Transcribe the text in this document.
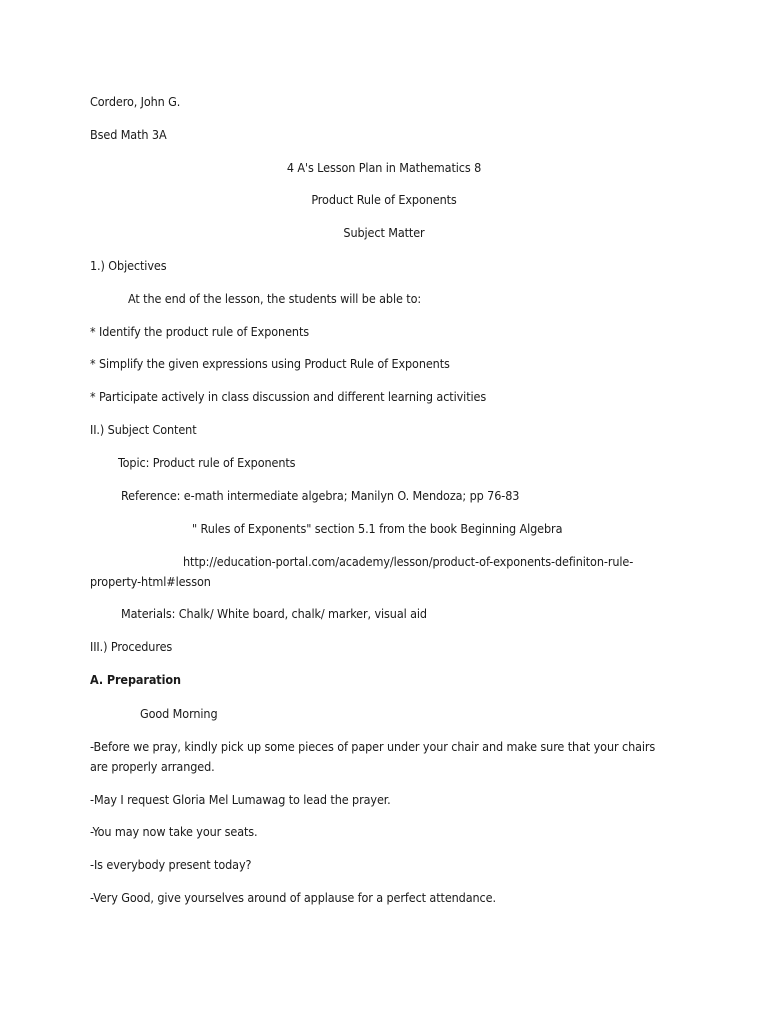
Cordero, John G.
Bsed Math 3A
4 A's Lesson Plan in Mathematics 8
Product Rule of Exponents
Subject Matter
1.) Objectives
At the end of the lesson, the students will be able to:
* Identify the product rule of Exponents
* Simplify the given expressions using Product Rule of Exponents
* Participate actively in class discussion and different learning activities
II.) Subject Content
Topic: Product rule of Exponents
Reference: e-math intermediate algebra; Manilyn O. Mendoza; pp 76-83
" Rules of Exponents" section 5.1 from the book Beginning Algebra
http://education-portal.com/academy/lesson/product-of-exponents-definiton-rule-
property-html#lesson
Materials: Chalk/ White board, chalk/ marker, visual aid
III.) Procedures
A. Preparation
Good Morning
-Before we pray, kindly pick up some pieces of paper under your chair and make sure that your chairs
are properly arranged.
-May I request Gloria Mel Lumawag to lead the prayer.
-You may now take your seats.
-Is everybody present today?
-Very Good, give yourselves around of applause for a perfect attendance.
